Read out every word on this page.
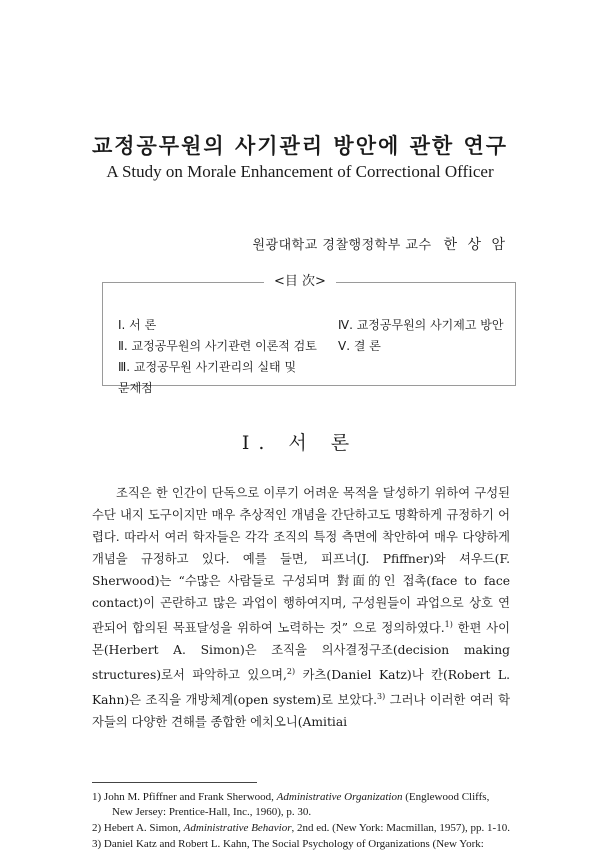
교정공무원의 사기관리 방안에 관한 연구
A Study on Morale Enhancement of Correctional Officer
원광대학교 경찰행정학부 교수 한 상 암
<目 次>
Ⅰ. 서 론
Ⅱ. 교정공무원의 사기관련 이론적 검토
Ⅲ. 교정공무원 사기관리의 실태 및 문제점
Ⅳ. 교정공무원의 사기제고 방안
Ⅴ. 결 론
Ⅰ. 서 론

조직은 한 인간이 단독으로 이루기 어려운 목적을 달성하기 위하여 구성된 수단 내지 도구이지만 매우 추상적인 개념을 간단하고도 명확하게 규정하기 어렵다. 따라서 여러 학자들은 각각 조직의 특정 측면에 착안하여 매우 다양하게 개념을 규정하고 있다. 예를 들면, 피프너(J. Pfiffner)와 셔우드(F. Sherwood)는 “수많은 사람들로 구성되며 對面的인 접촉(face to face contact)이 곤란하고 많은 과업이 행하여지며, 구성원들이 과업으로 상호 연관되어 합의된 목표달성을 위하여 노력하는 것” 으로 정의하였다.$^{1)}$ 한편 사이몬(Herbert A. Simon)은 조직을 의사결정구조(decision making structures)로서 파악하고 있으며,$^{2)}$ 카츠(Daniel Katz)나 칸(Robert L. Kahn)은 조직을 개방체계(open system)로 보았다.$^{3)}$ 그러나 이러한 여러 학자들의 다양한 견해를 종합한 에치오니(Amitiai

1) John M. Pfiffner and Frank Sherwood, Administrative Organization (Englewood Cliffs, New Jersey: Prentice-Hall, Inc., 1960), p. 30.
2) Hebert A. Simon, Administrative Behavior, 2nd ed. (New York: Macmillan, 1957), pp. 1-10.
3) Daniel Katz and Robert L. Kahn, The Social Psychology of Organizations (New York:
